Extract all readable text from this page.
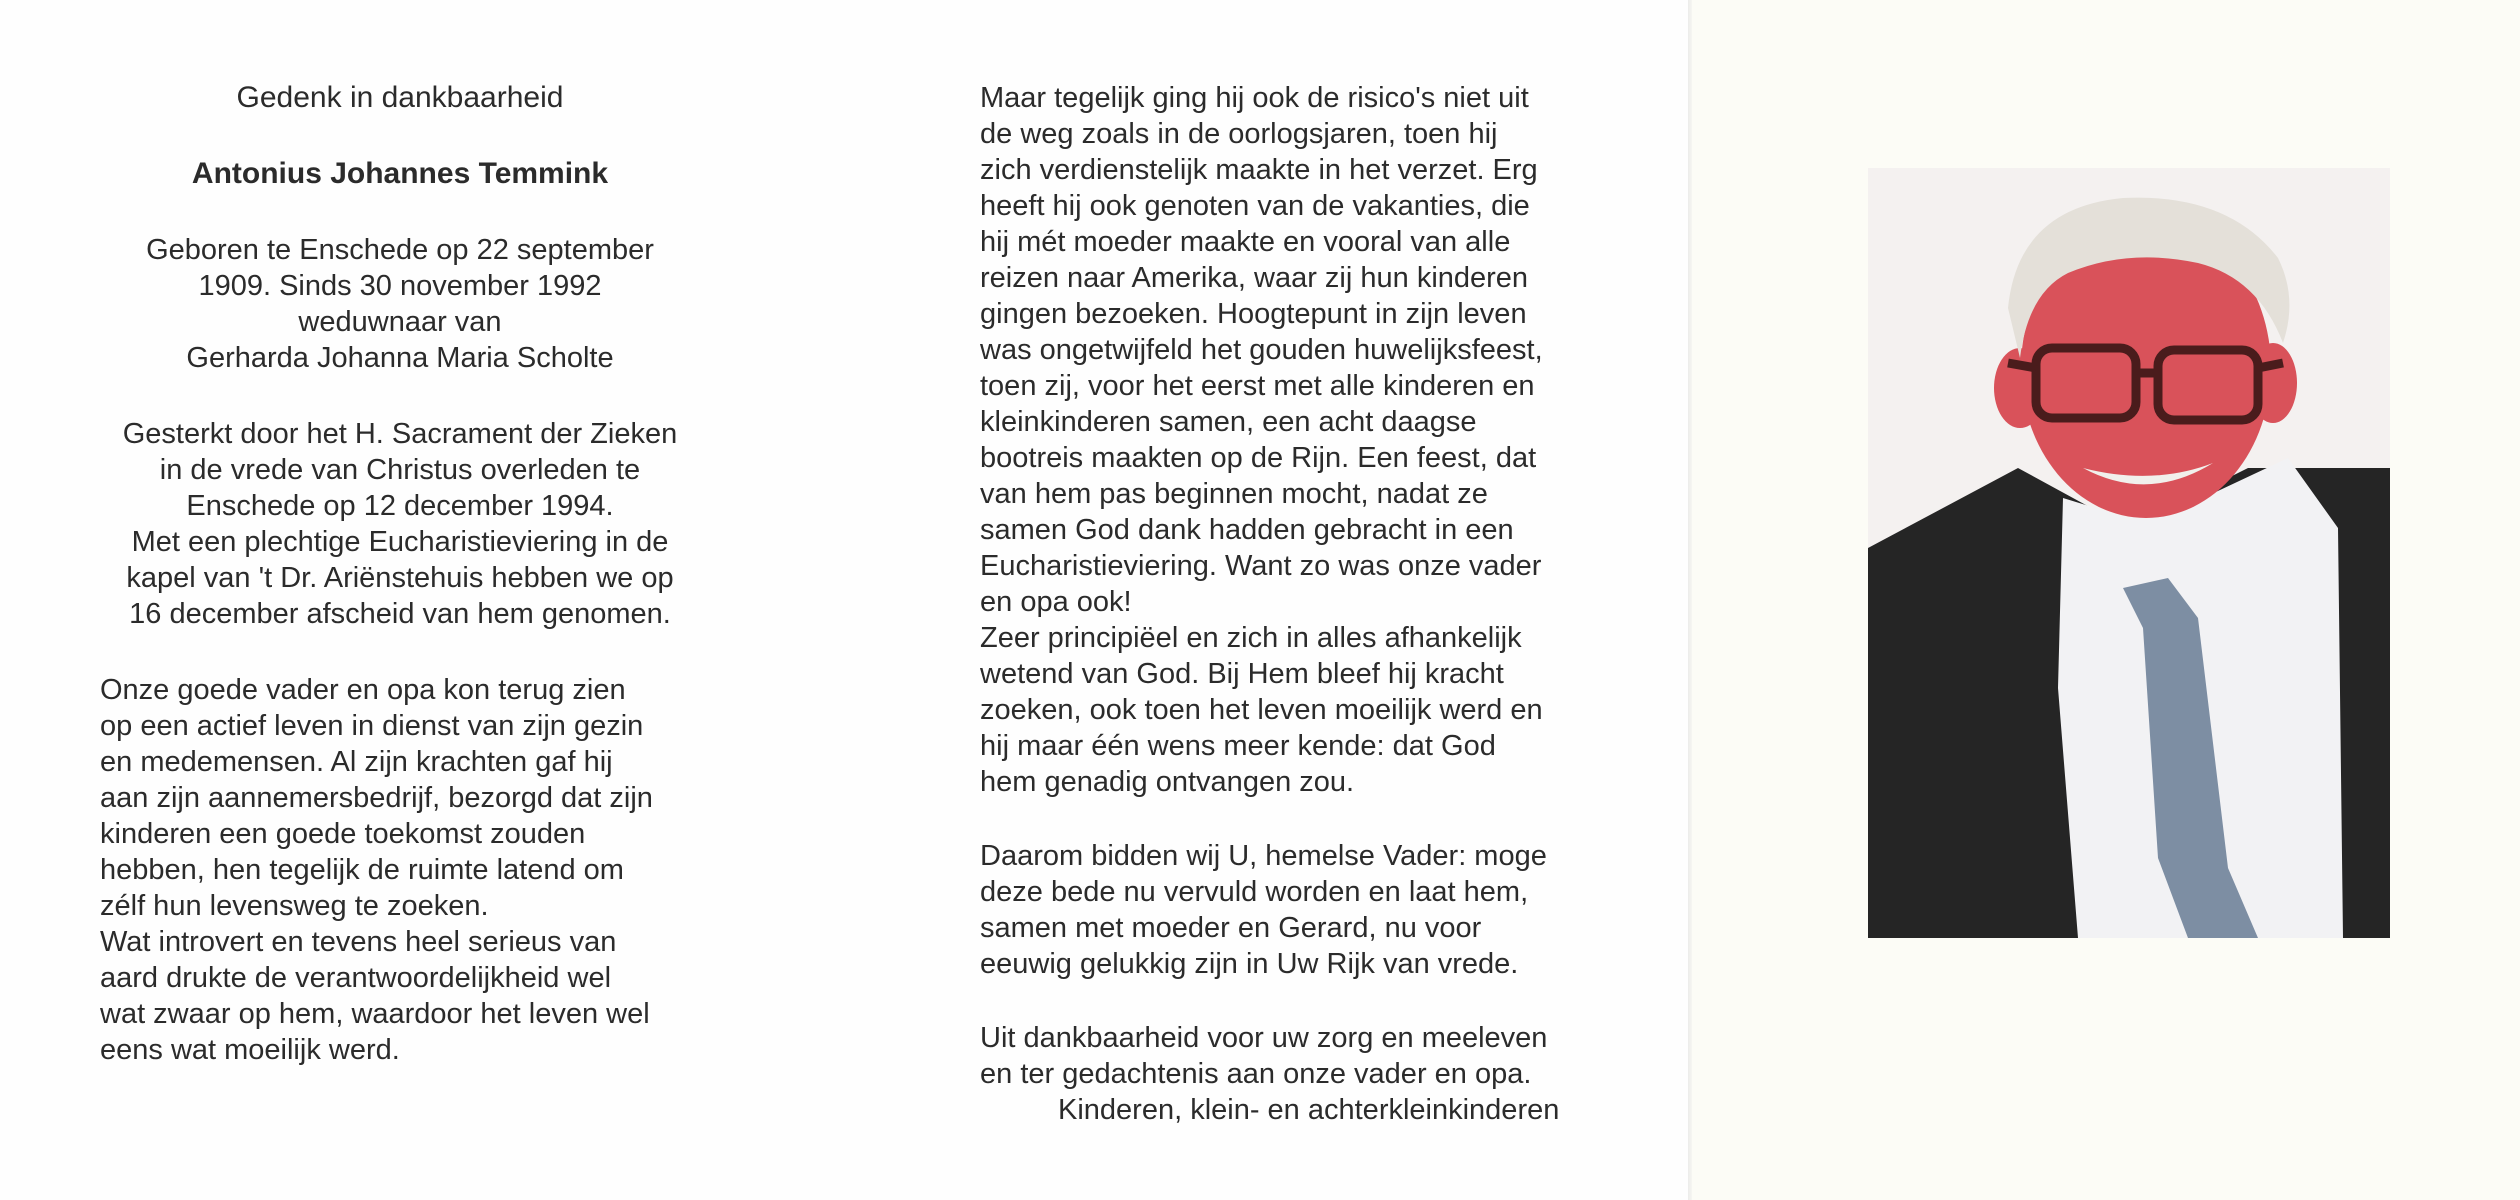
Gedenk in dankbaarheid
Antonius Johannes Temmink
Geboren te Enschede op 22 september
1909. Sinds 30 november 1992
weduwnaar van
Gerharda Johanna Maria Scholte
Gesterkt door het H. Sacrament der Zieken
in de vrede van Christus overleden te
Enschede op 12 december 1994.
Met een plechtige Eucharistieviering in de
kapel van 't Dr. Ariënstehuis hebben we op
16 december afscheid van hem genomen.
Onze goede vader en opa kon terug zien
op een actief leven in dienst van zijn gezin
en medemensen. Al zijn krachten gaf hij
aan zijn aannemersbedrijf, bezorgd dat zijn
kinderen een goede toekomst zouden
hebben, hen tegelijk de ruimte latend om
zélf hun levensweg te zoeken.
Wat introvert en tevens heel serieus van
aard drukte de verantwoordelijkheid wel
wat zwaar op hem, waardoor het leven wel
eens wat moeilijk werd.
Maar tegelijk ging hij ook de risico's niet uit
de weg zoals in de oorlogsjaren, toen hij
zich verdienstelijk maakte in het verzet. Erg
heeft hij ook genoten van de vakanties, die
hij mét moeder maakte en vooral van alle
reizen naar Amerika, waar zij hun kinderen
gingen bezoeken. Hoogtepunt in zijn leven
was ongetwijfeld het gouden huwelijksfeest,
toen zij, voor het eerst met alle kinderen en
kleinkinderen samen, een acht daagse
bootreis maakten op de Rijn. Een feest, dat
van hem pas beginnen mocht, nadat ze
samen God dank hadden gebracht in een
Eucharistieviering. Want zo was onze vader
en opa ook!
Zeer principiëel en zich in alles afhankelijk
wetend van God. Bij Hem bleef hij kracht
zoeken, ook toen het leven moeilijk werd en
hij maar één wens meer kende: dat God
hem genadig ontvangen zou.
Daarom bidden wij U, hemelse Vader: moge
deze bede nu vervuld worden en laat hem,
samen met moeder en Gerard, nu voor
eeuwig gelukkig zijn in Uw Rijk van vrede.
Uit dankbaarheid voor uw zorg en meeleven
en ter gedachtenis aan onze vader en opa.
Kinderen, klein- en achterkleinkinderen
